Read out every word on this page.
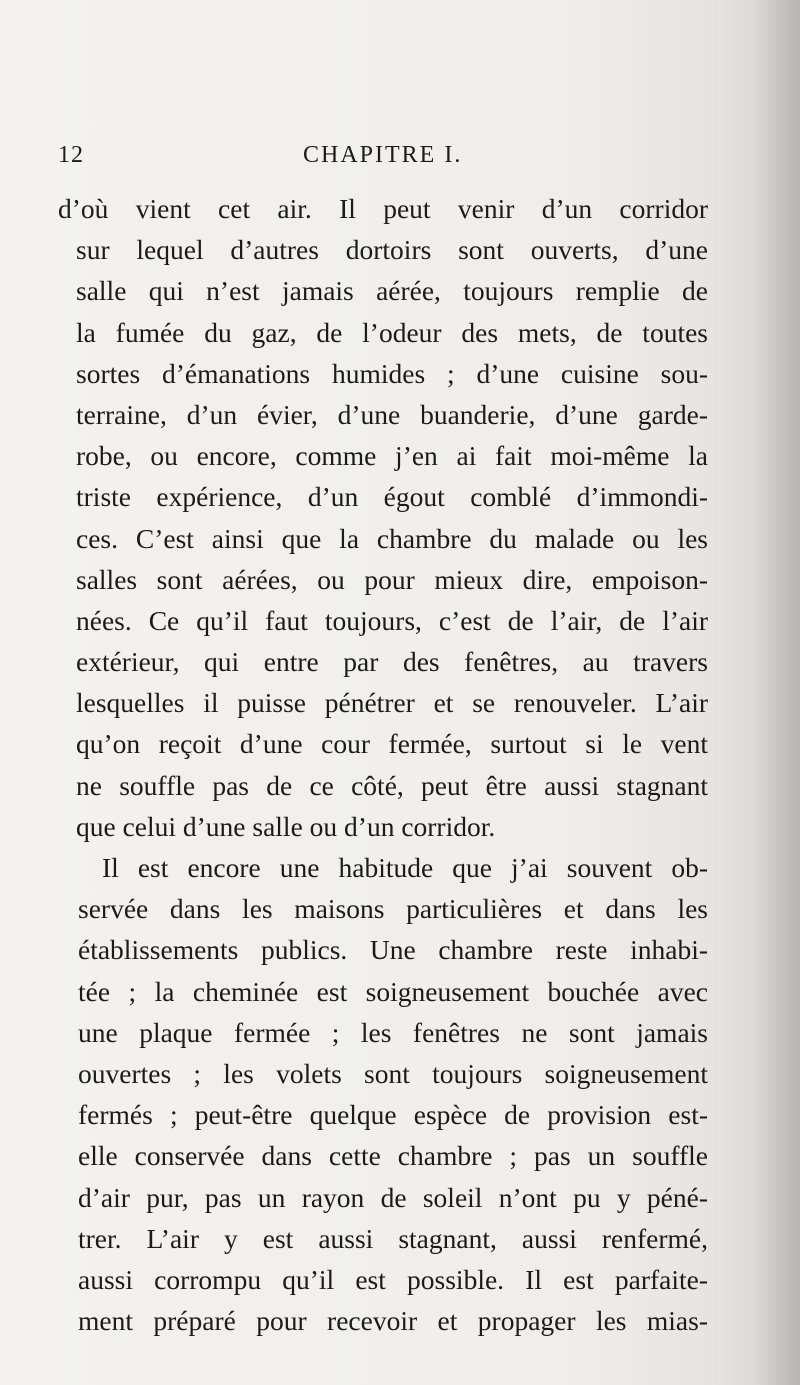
12	CHAPITRE I.
d’où vient cet air. Il peut venir d’un corridor
sur lequel d’autres dortoirs sont ouverts, d’une
salle qui n’est jamais aérée, toujours remplie de
la fumée du gaz, de l’odeur des mets, de toutes
sortes d’émanations humides ; d’une cuisine sou-
terraine, d’un évier, d’une buanderie, d’une garde-
robe, ou encore, comme j’en ai fait moi-même la
triste expérience, d’un égout comblé d’immondi-
ces. C’est ainsi que la chambre du malade ou les
salles sont aérées, ou pour mieux dire, empoison-
nées. Ce qu’il faut toujours, c’est de l’air, de l’air
extérieur, qui entre par des fenêtres, au travers
lesquelles il puisse pénétrer et se renouveler. L’air
qu’on reçoit d’une cour fermée, surtout si le vent
ne souffle pas de ce côté, peut être aussi stagnant
que celui d’une salle ou d’un corridor.
Il est encore une habitude que j’ai souvent ob-
servée dans les maisons particulières et dans les
établissements publics. Une chambre reste inhabi-
tée ; la cheminée est soigneusement bouchée avec
une plaque fermée ; les fenêtres ne sont jamais
ouvertes ; les volets sont toujours soigneusement
fermés ; peut-être quelque espèce de provision est-
elle conservée dans cette chambre ; pas un souffle
d’air pur, pas un rayon de soleil n’ont pu y péné-
trer. L’air y est aussi stagnant, aussi renfermé,
aussi corrompu qu’il est possible. Il est parfaite-
ment préparé pour recevoir et propager les mias-
